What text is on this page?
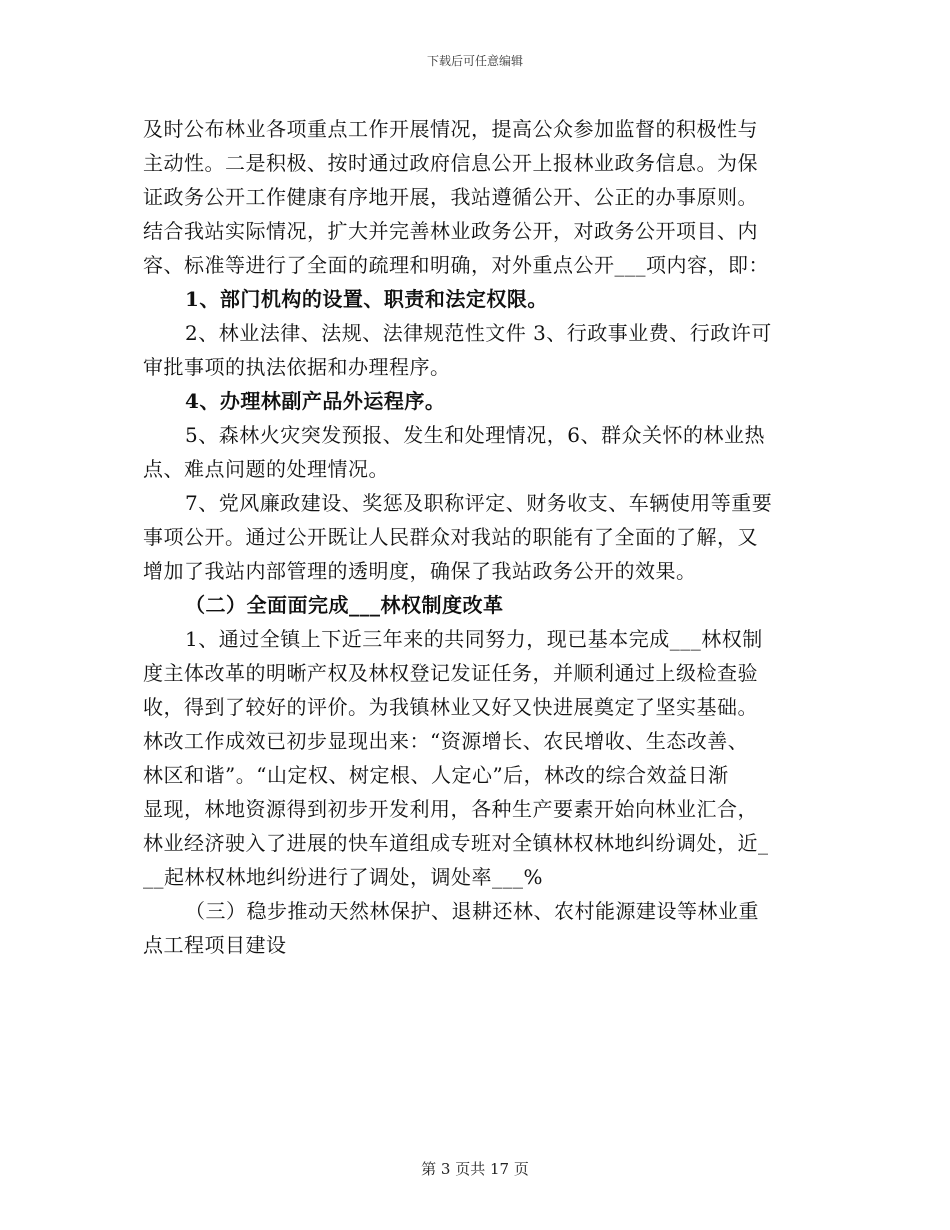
下载后可任意编辑

及时公布林业各项重点工作开展情况，提高公众参加监督的积极性与
主动性。二是积极、按时通过政府信息公开上报林业政务信息。为保
证政务公开工作健康有序地开展，我站遵循公开、公正的办事原则。
结合我站实际情况，扩大并完善林业政务公开，对政务公开项目、内
容、标准等进行了全面的疏理和明确，对外重点公开___项内容，即：

1、部门机构的设置、职责和法定权限。

2、林业法律、法规、法律规范性文件 3、行政事业费、行政许可
审批事项的执法依据和办理程序。

4、办理林副产品外运程序。

5、森林火灾突发预报、发生和处理情况，6、群众关怀的林业热
点、难点问题的处理情况。

7、党风廉政建设、奖惩及职称评定、财务收支、车辆使用等重要
事项公开。通过公开既让人民群众对我站的职能有了全面的了解，又
增加了我站内部管理的透明度，确保了我站政务公开的效果。

（二）全面面完成___林权制度改革

1、通过全镇上下近三年来的共同努力，现已基本完成___林权制
度主体改革的明晰产权及林权登记发证任务，并顺利通过上级检查验
收，得到了较好的评价。为我镇林业又好又快进展奠定了坚实基础。
林改工作成效已初步显现出来：“资源增长、农民增收、生态改善、
林区和谐”。“山定权、树定根、人定心”后，林改的综合效益日渐
显现，林地资源得到初步开发利用，各种生产要素开始向林业汇合，
林业经济驶入了进展的快车道组成专班对全镇林权林地纠纷调处，近_
__起林权林地纠纷进行了调处，调处率___%

（三）稳步推动天然林保护、退耕还林、农村能源建设等林业重
点工程项目建设

第 3 页共 17 页
